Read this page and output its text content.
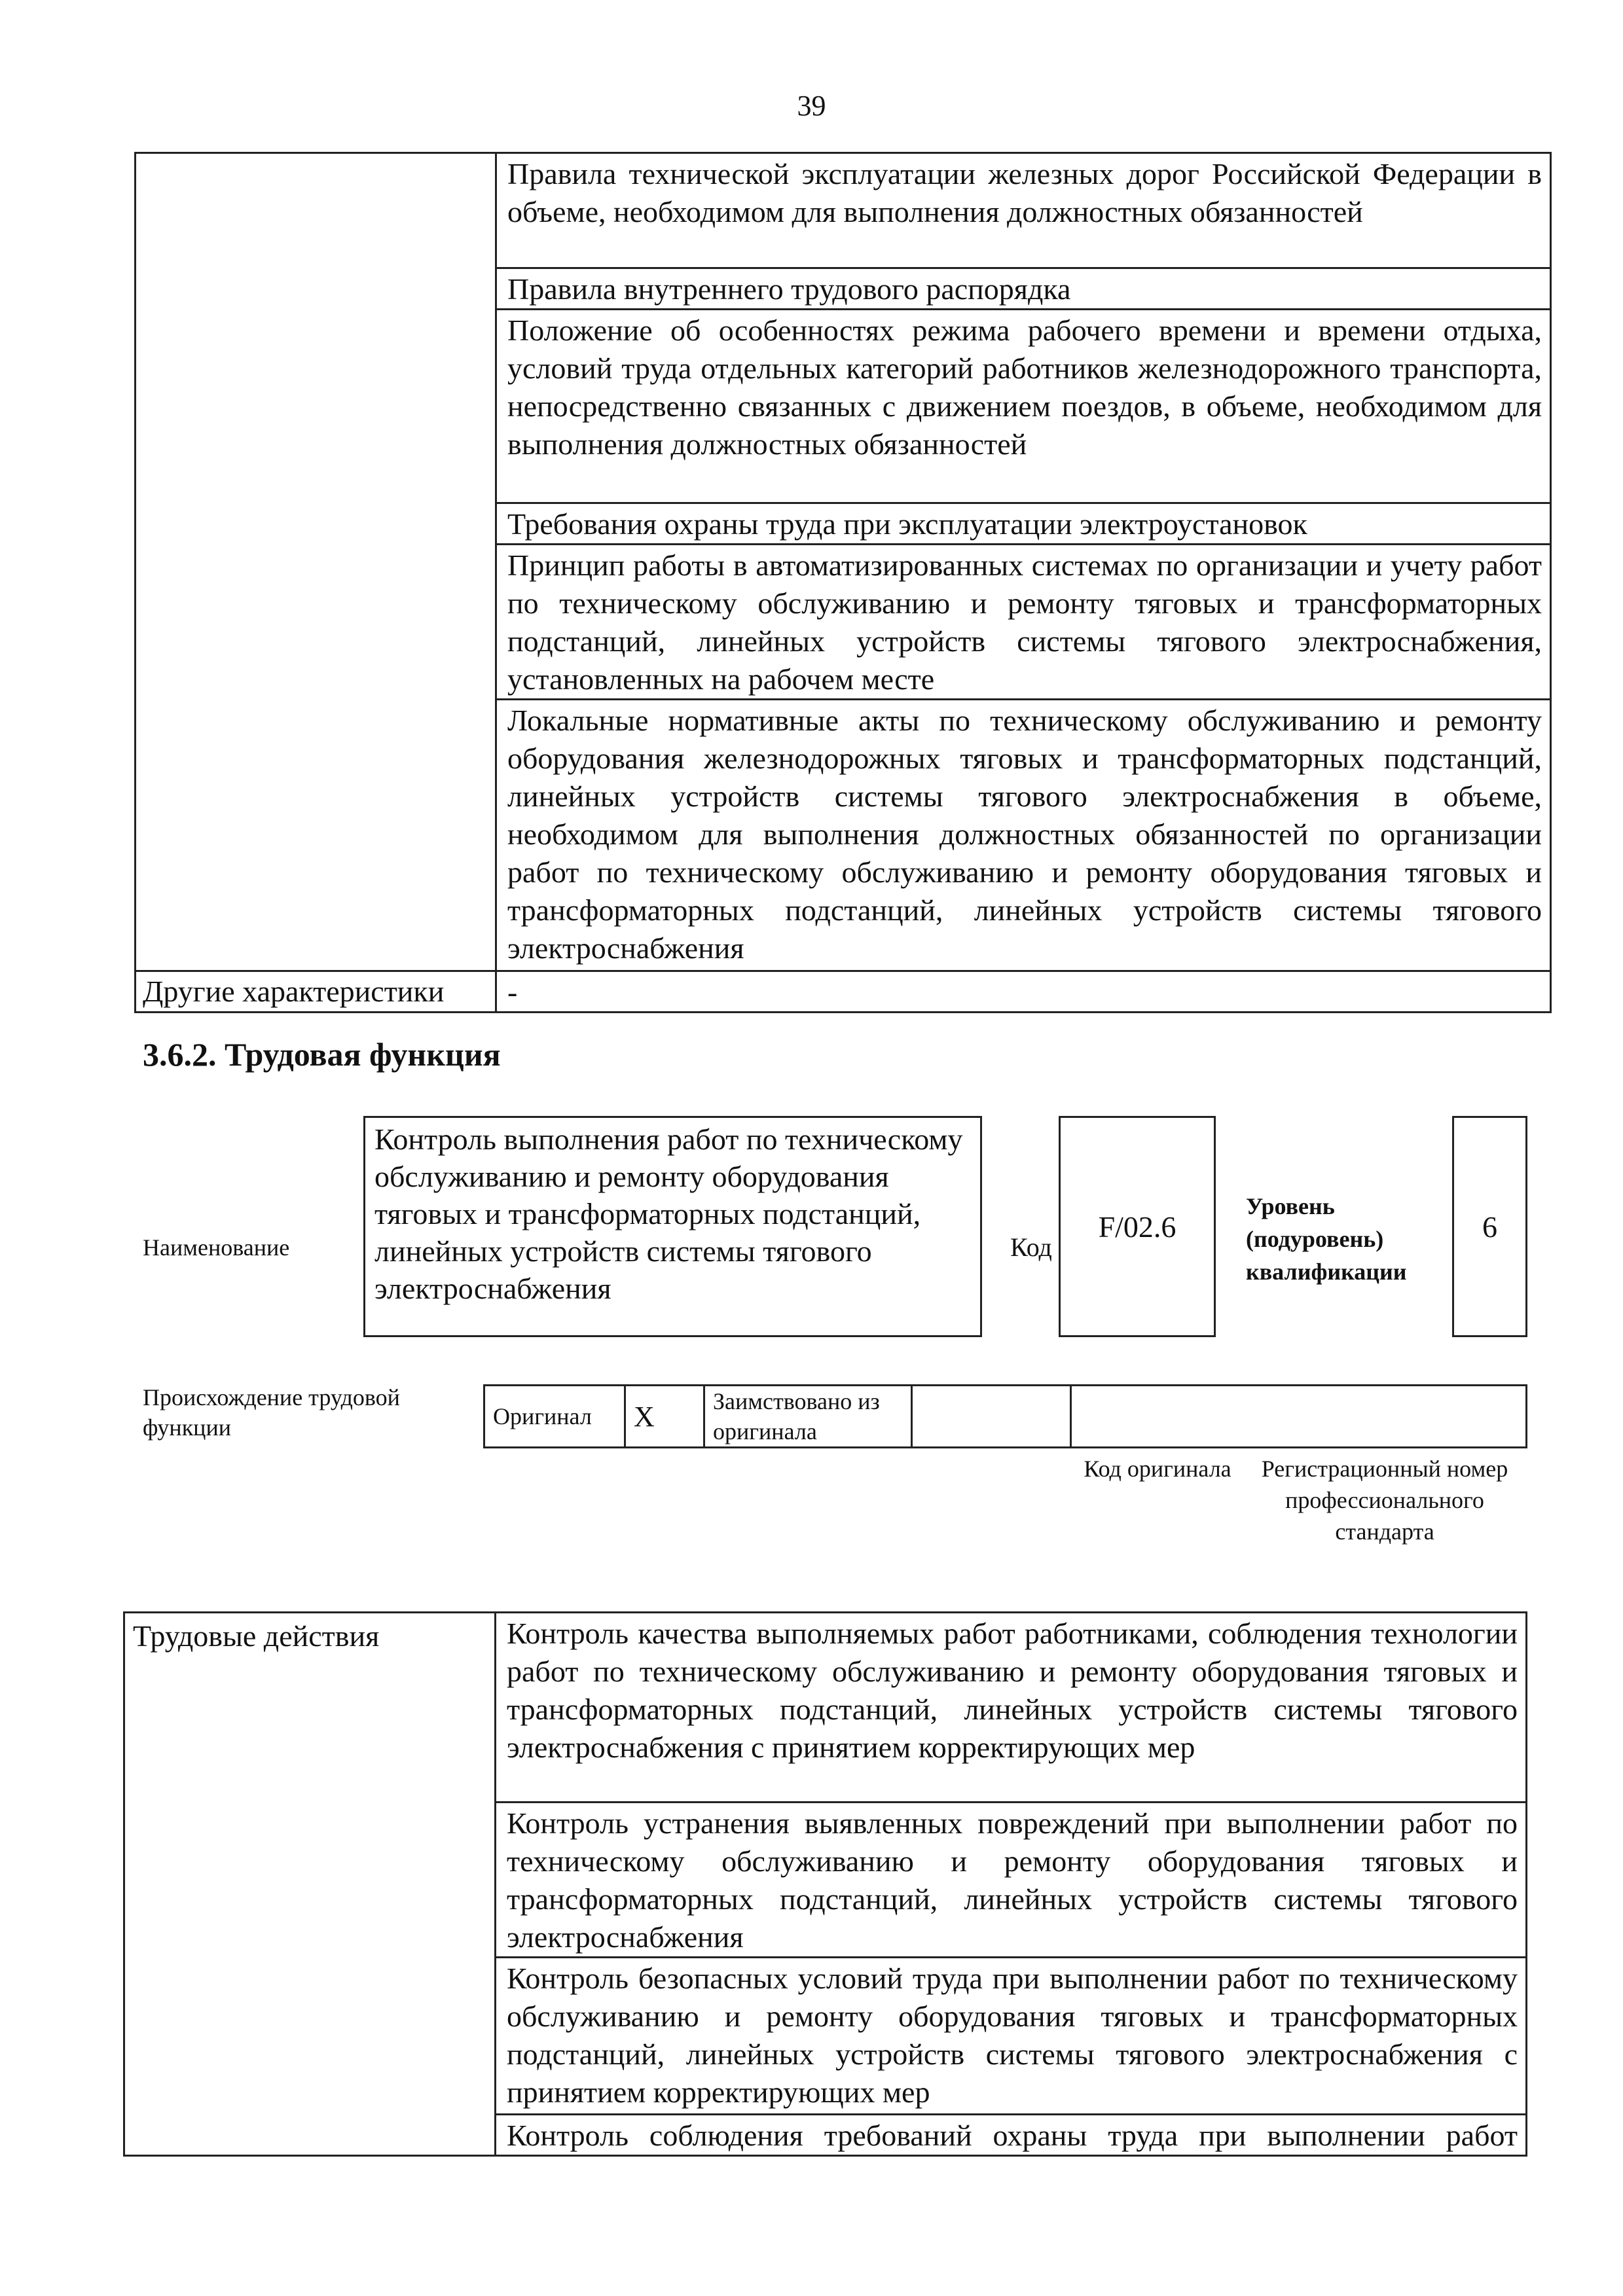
39

	Правила технической эксплуатации железных дорог Российской Федерации в объеме, необходимом для выполнения должностных обязанностей

	Правила внутреннего трудового распорядка

	Положение об особенностях режима рабочего времени и времени отдыха, условий труда отдельных категорий работников железнодорожного транспорта, непосредственно связанных с движением поездов, в объеме, необходимом для выполнения должностных обязанностей

	Требования охраны труда при эксплуатации электроустановок

	Принцип работы в автоматизированных системах по организации и учету работ по техническому обслуживанию и ремонту тяговых и трансформаторных подстанций, линейных устройств системы тягового электроснабжения, установленных на рабочем месте

	Локальные нормативные акты по техническому обслуживанию и ремонту оборудования железнодорожных тяговых и трансформаторных подстанций, линейных устройств системы тягового электроснабжения в объеме, необходимом для выполнения должностных обязанностей по организации работ по техническому обслуживанию и ремонту оборудования тяговых и трансформаторных подстанций, линейных устройств системы тягового электроснабжения

Другие характеристики	-
3.6.2. Трудовая функция
Наименование
Контроль выполнения работ по техническому обслуживанию и ремонту оборудования тяговых и трансформаторных подстанций, линейных устройств системы тягового электроснабжения
Код
F/02.6
Уровень (подуровень) квалификации
6
Происхождение трудовой функции	Оригинал	X	Заимствовано из оригинала		
Код оригинала	Регистрационный номер профессионального стандарта
Трудовые действия	Контроль качества выполняемых работ работниками, соблюдения технологии работ по техническому обслуживанию и ремонту оборудования тяговых и трансформаторных подстанций, линейных устройств системы тягового электроснабжения с принятием корректирующих мер

Контроль устранения выявленных повреждений при выполнении работ по техническому обслуживанию и ремонту оборудования тяговых и трансформаторных подстанций, линейных устройств системы тягового электроснабжения

Контроль безопасных условий труда при выполнении работ по техническому обслуживанию и ремонту оборудования тяговых и трансформаторных подстанций, линейных устройств системы тягового электроснабжения с принятием корректирующих мер

Контроль соблюдения требований охраны труда при выполнении работ
